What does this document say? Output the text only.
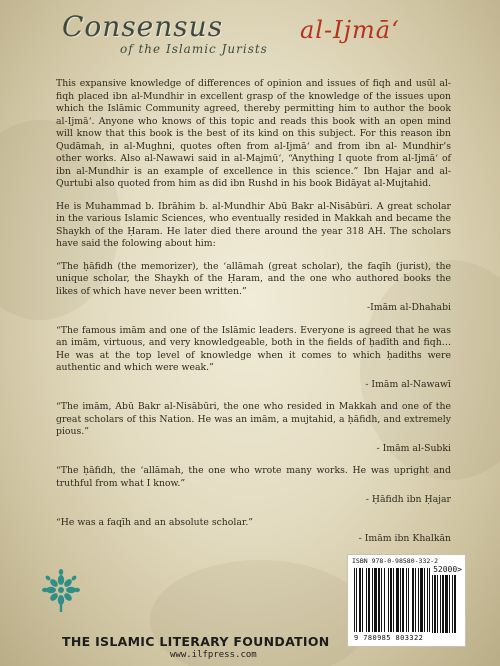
Consensus
of the Islamic Jurists
al-Ijmā‘

This expansive knowledge of differences of opinion and issues of fiqh and usūl al-fiqh placed ibn al-Mundhir in excellent grasp of the knowledge of the issues upon which the Islāmic Community agreed, thereby permitting him to author the book al-Ijmā‘. Anyone who knows of this topic and reads this book with an open mind will know that this book is the best of its kind on this subject. For this reason ibn Qudāmah, in al-Mughni, quotes often from al-Ijmā‘ and from ibn al- Mundhir’s other works. Also al-Nawawi said in al-Majmū‘, “Anything I quote from al-Ijmā‘ of ibn al-Mundhir is an example of excellence in this science.” Ibn Hajar and al-Qurtubi also quoted from him as did ibn Rushd in his book Bidāyat al-Mujtahid.

He is Muhammad b. Ibrāhim b. al-Mundhir Abū Bakr al-Nisābūri. A great scholar in the various Islamic Sciences, who eventually resided in Makkah and became the Shaykh of the Ḥaram. He later died there around the year 318 AH. The scholars have said the folowing about him:

“The ḥāfidh (the memorizer), the ‘allāmah (great scholar), the faqīh (jurist), the unique scholar, the Shaykh of the Ḥaram, and the one who authored books the likes of which have never been written.”

-Imām al-Dhahabi

“The famous imām and one of the Islāmic leaders. Everyone is agreed that he was an imām, virtuous, and very knowledgeable, both in the fields of ḥadīth and fiqh…He was at the top level of knowledge when it comes to which ḥadiths were authentic and which were weak.”

- Imām al-Nawawī

“The imām, Abū Bakr al-Nisābūri, the one who resided in Makkah and one of the great scholars of this Nation. He was an imām, a mujtahid, a ḥāfidh, and extremely pious.”

- Imām al-Subki

“The ḥāfidh, the ‘allāmah, the one who wrote many works. He was upright and truthful from what I know.”

- Ḥāfidh ibn Ḥajar

“He was a faqīh and an absolute scholar.”

- Imām ibn Khalkān
THE ISLAMIC LITERARY FOUNDATION
www.ilfpress.com
ISBN 978-0-98580-332-2
52000>
9 780985 803322
